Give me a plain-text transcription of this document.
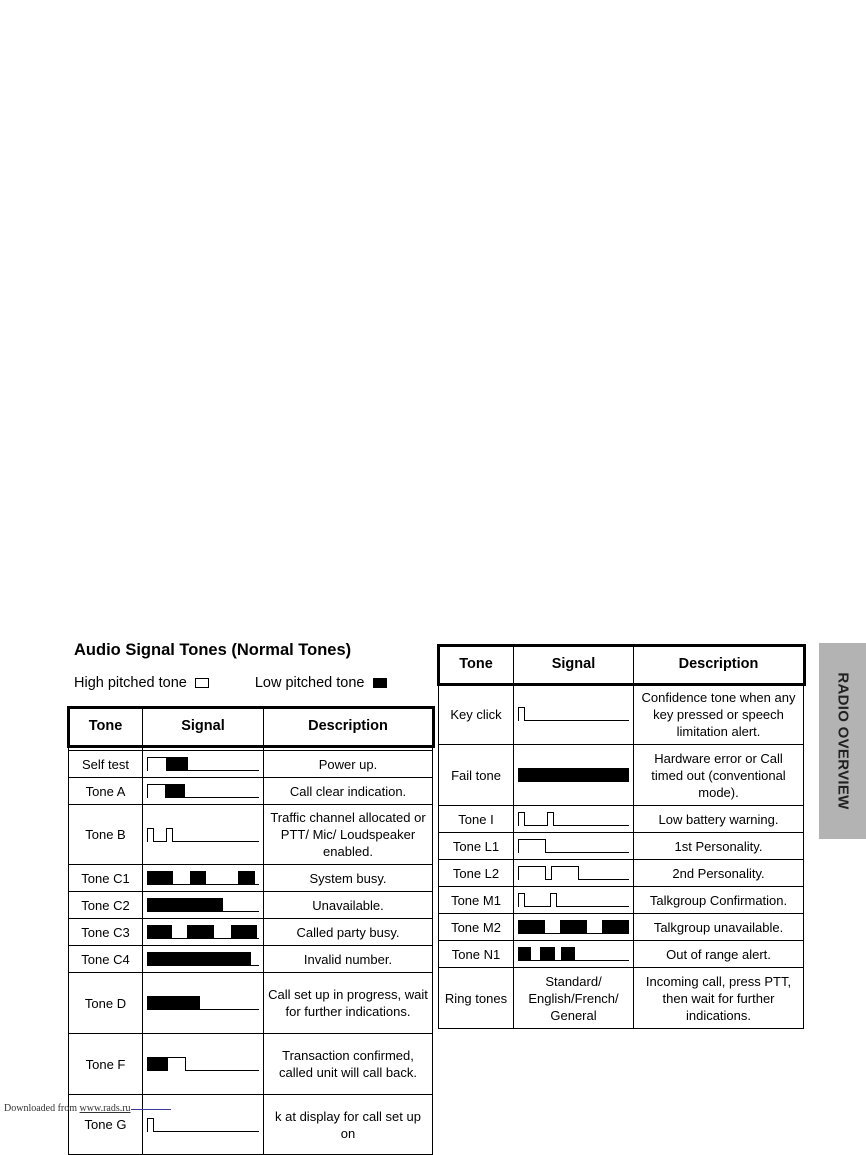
Audio Signal Tones (Normal Tones)
High pitched tone	Low pitched tone
Tone	Signal	Description

Self test		Power up.
Tone A		Call clear indication.
Tone B		Traffic channel allocated or PTT/ Mic/ Loudspeaker enabled.
Tone C1		System busy.
Tone C2		Unavailable.
Tone C3		Called party busy.
Tone C4		Invalid number.
Tone D		Call set up in progress, wait for further indications.
Tone F		Transaction confirmed, called unit will call back.
Tone G		k at display for call set up on
Tone	Signal	Description
Key click		Confidence tone when any key pressed or speech limitation alert.
Fail tone		Hardware error or Call timed out (conventional mode).
Tone I		Low battery warning.
Tone L1		1st Personality.
Tone L2		2nd Personality.
Tone M1		Talkgroup Confirmation.
Tone M2		Talkgroup unavailable.
Tone N1		Out of range alert.
Ring tones	Standard/ English/French/ General	Incoming call, press PTT, then wait for further indications.
RADIO OVERVIEW
Downloaded from www.rads.ru
